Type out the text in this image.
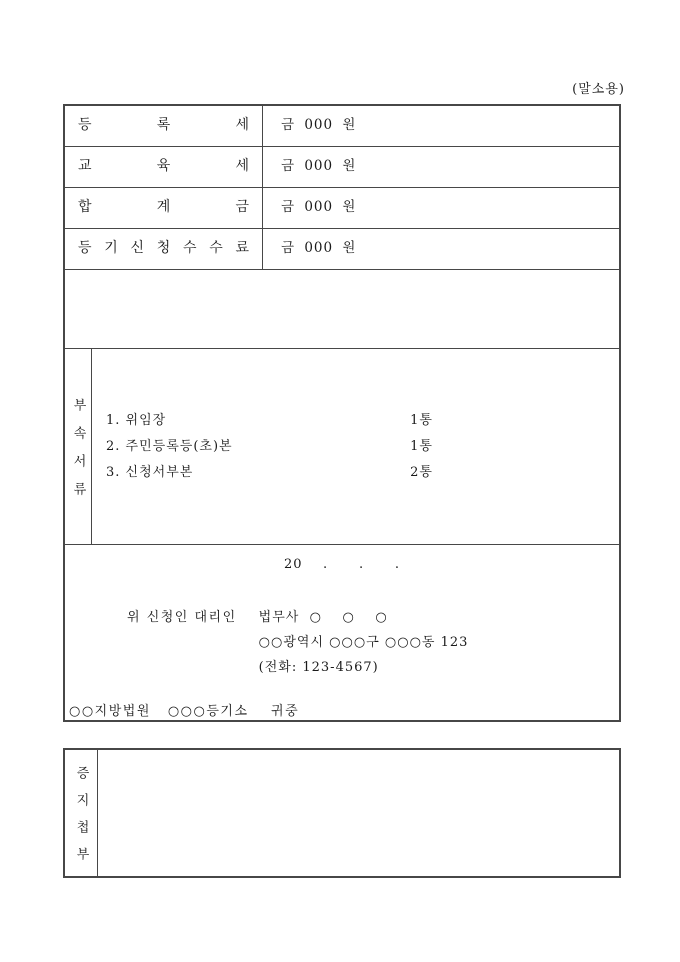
(말소용)
등 록 세	금 000 원
교 육 세	금 000 원
합 계 금	금 000 원
등 기 신 청 수 수 료	금 000 원
부속서류 1. 위임장	1통
2. 주민등록등(초)본	1통
3. 신청서부본	2통
20    .      .      .
위 신청인 대리인 법무사  ○    ○    ○
○○광역시 ○○○구 ○○○동 123
(전화: 123-4567)
○○지방법원   ○○○등기소    귀중
증지첩부
